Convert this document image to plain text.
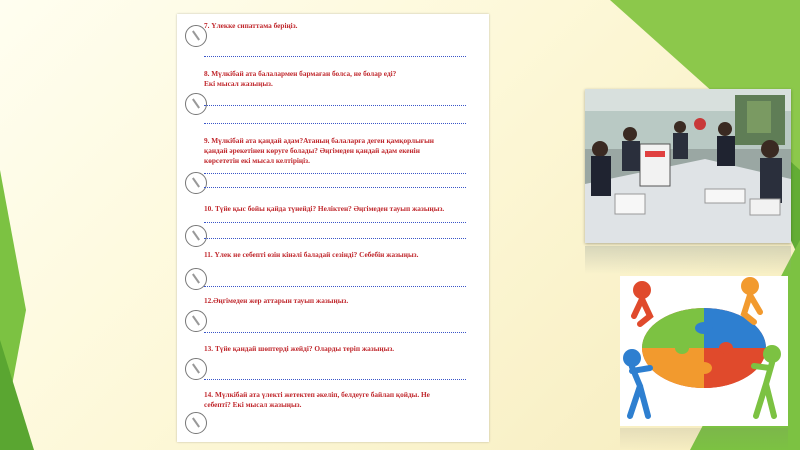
7. Үлекке сипаттама беріңіз.
8. Мүлкібай ата балалармен бармаған болса, не болар еді?
Екі мысал жазыңыз.
9. Мүлкібай ата қандай адам?Атаның балаларға деген қамқорлығын
қандай әрекетінен көруге болады? Әңгімеден қандай адам екенін
көрсететін екі мысал келтіріңіз.
10. Түйе қыс бойы қайда түнейді? Неліктен? Әңгімеден тауып жазыңыз.
11. Үлек не себепті өзін кінәлі баладай сезінді? Себебін жазыңыз.
12.Әңгімеден жер аттарын тауып жазыңыз.
13. Түйе қандай шөптерді жейді? Оларды теріп жазыңыз.
14. Мүлкібай ата үлекті жетектеп әкеліп, белдеуге байлап қойды. Не
себепті? Екі мысал жазыңыз.
